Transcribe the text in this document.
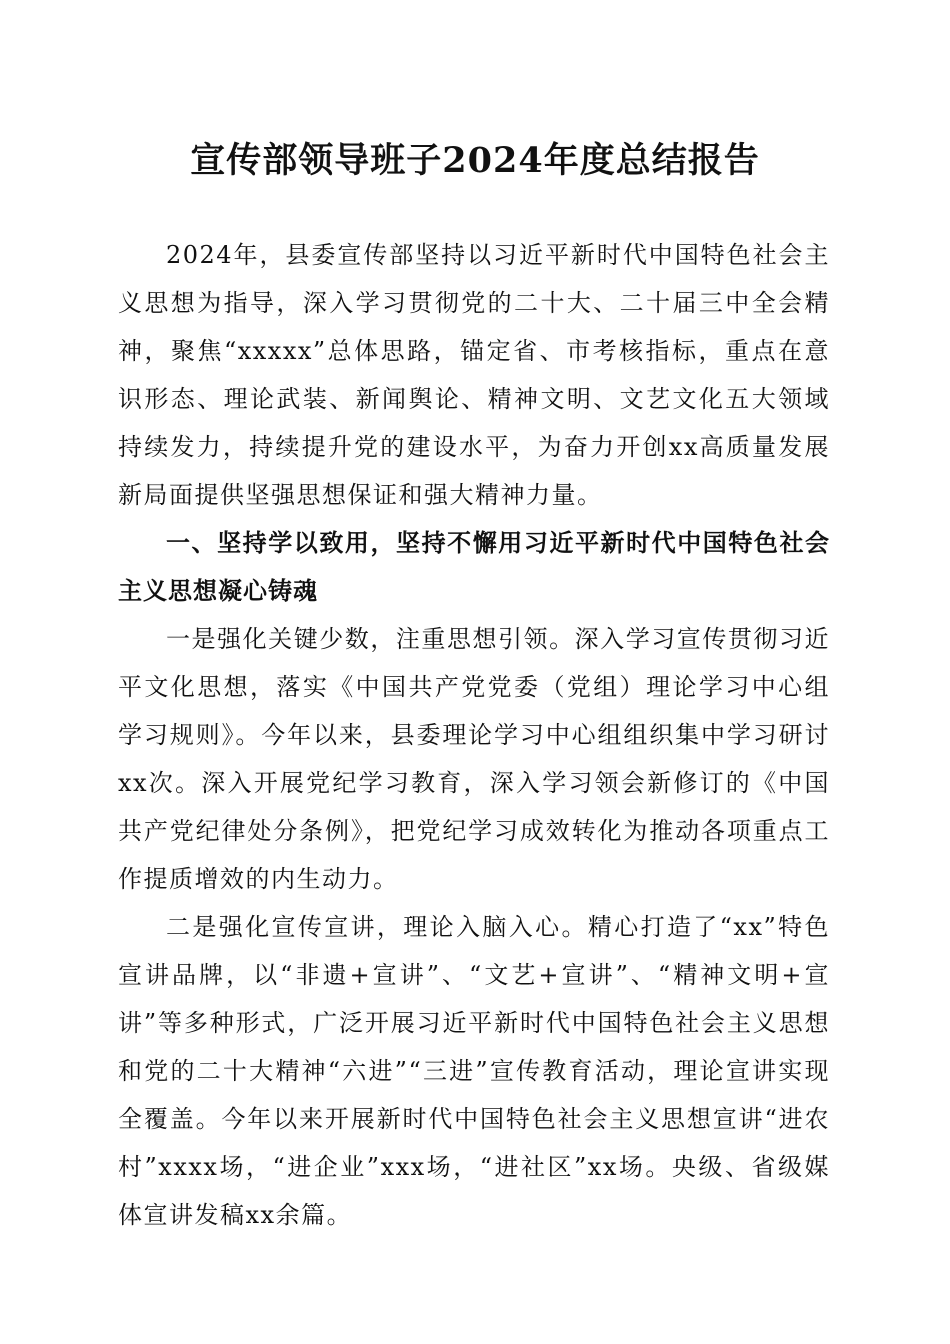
宣传部领导班子2024年度总结报告

2024年，县委宣传部坚持以习近平新时代中国特色社会主义思想为指导，深入学习贯彻党的二十大、二十届三中全会精神，聚焦“xxxxx”总体思路，锚定省、市考核指标，重点在意识形态、理论武装、新闻舆论、精神文明、文艺文化五大领域持续发力，持续提升党的建设水平，为奋力开创xx高质量发展新局面提供坚强思想保证和强大精神力量。

一、坚持学以致用，坚持不懈用习近平新时代中国特色社会主义思想凝心铸魂

一是强化关键少数，注重思想引领。深入学习宣传贯彻习近平文化思想，落实《中国共产党党委（党组）理论学习中心组学习规则》。今年以来，县委理论学习中心组组织集中学习研讨xx次。深入开展党纪学习教育，深入学习领会新修订的《中国共产党纪律处分条例》，把党纪学习成效转化为推动各项重点工作提质增效的内生动力。

二是强化宣传宣讲，理论入脑入心。精心打造了“xx”特色宣讲品牌，以“非遗+宣讲”、“文艺+宣讲”、“精神文明+宣讲”等多种形式，广泛开展习近平新时代中国特色社会主义思想和党的二十大精神“六进”“三进”宣传教育活动，理论宣讲实现全覆盖。今年以来开展新时代中国特色社会主义思想宣讲“进农村”xxxx场，“进企业”xxx场，“进社区”xx场。央级、省级媒体宣讲发稿xx余篇。
